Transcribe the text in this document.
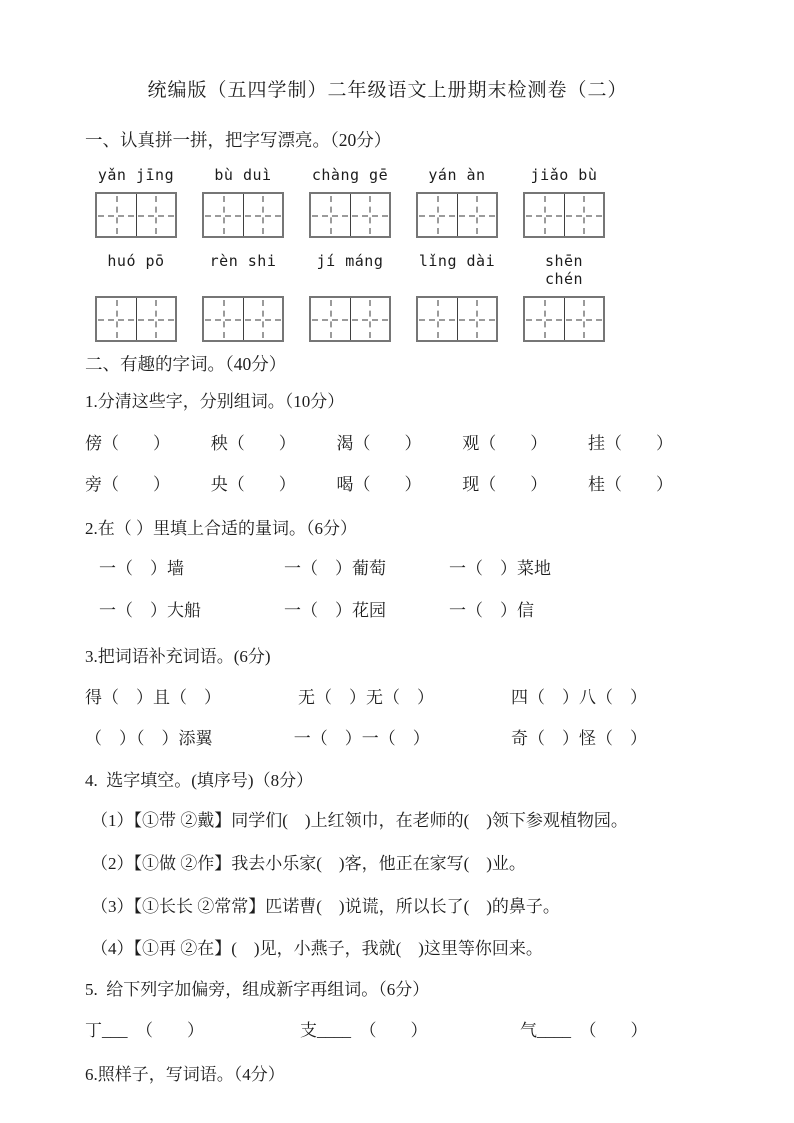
统编版（五四学制）二年级语文上册期末检测卷（二）
一、认真拼一拼，把字写漂亮。（20分）
yǎn jīng	bù duì	chàng gē	yán àn	jiǎo bù
huó pō	rèn shi	jí máng	lǐng dài	shēn chén
二、有趣的字词。（40分）
1.分清这些字，分别组词。（10分）
傍（　　） 秧（　　） 渴（　　） 观（　　） 挂（　　）
旁（　　） 央（　　） 喝（　　） 现（　　） 桂（　　）
2.在（ ）里填上合适的量词。（6分）
一（　）墙	一（　）葡萄	一（　）菜地
一（　）大船	一（　）花园	一（　）信
3.把词语补充词语。(6分)
得（　）且（　）	无（　）无（　）	四（　）八（　）
（　）（　）添翼	一（　）一（　）	奇（　）怪（　）
4.  选字填空。(填序号)（8分）
（1）【①带 ②戴】同学们(　)上红领巾，在老师的(　)领下参观植物园。
（2）【①做 ②作】我去小乐家(　)客，他正在家写(　)业。
（3）【①长长 ②常常】匹诺曹(　)说谎，所以长了(　)的鼻子。
（4）【①再 ②在】(　)见，小燕子，我就(　)这里等你回来。
5.  给下列字加偏旁，组成新字再组词。（6分）
丁___　（　　）	支____　（　　）	气____　（　　）
6.照样子，写词语。（4分）
